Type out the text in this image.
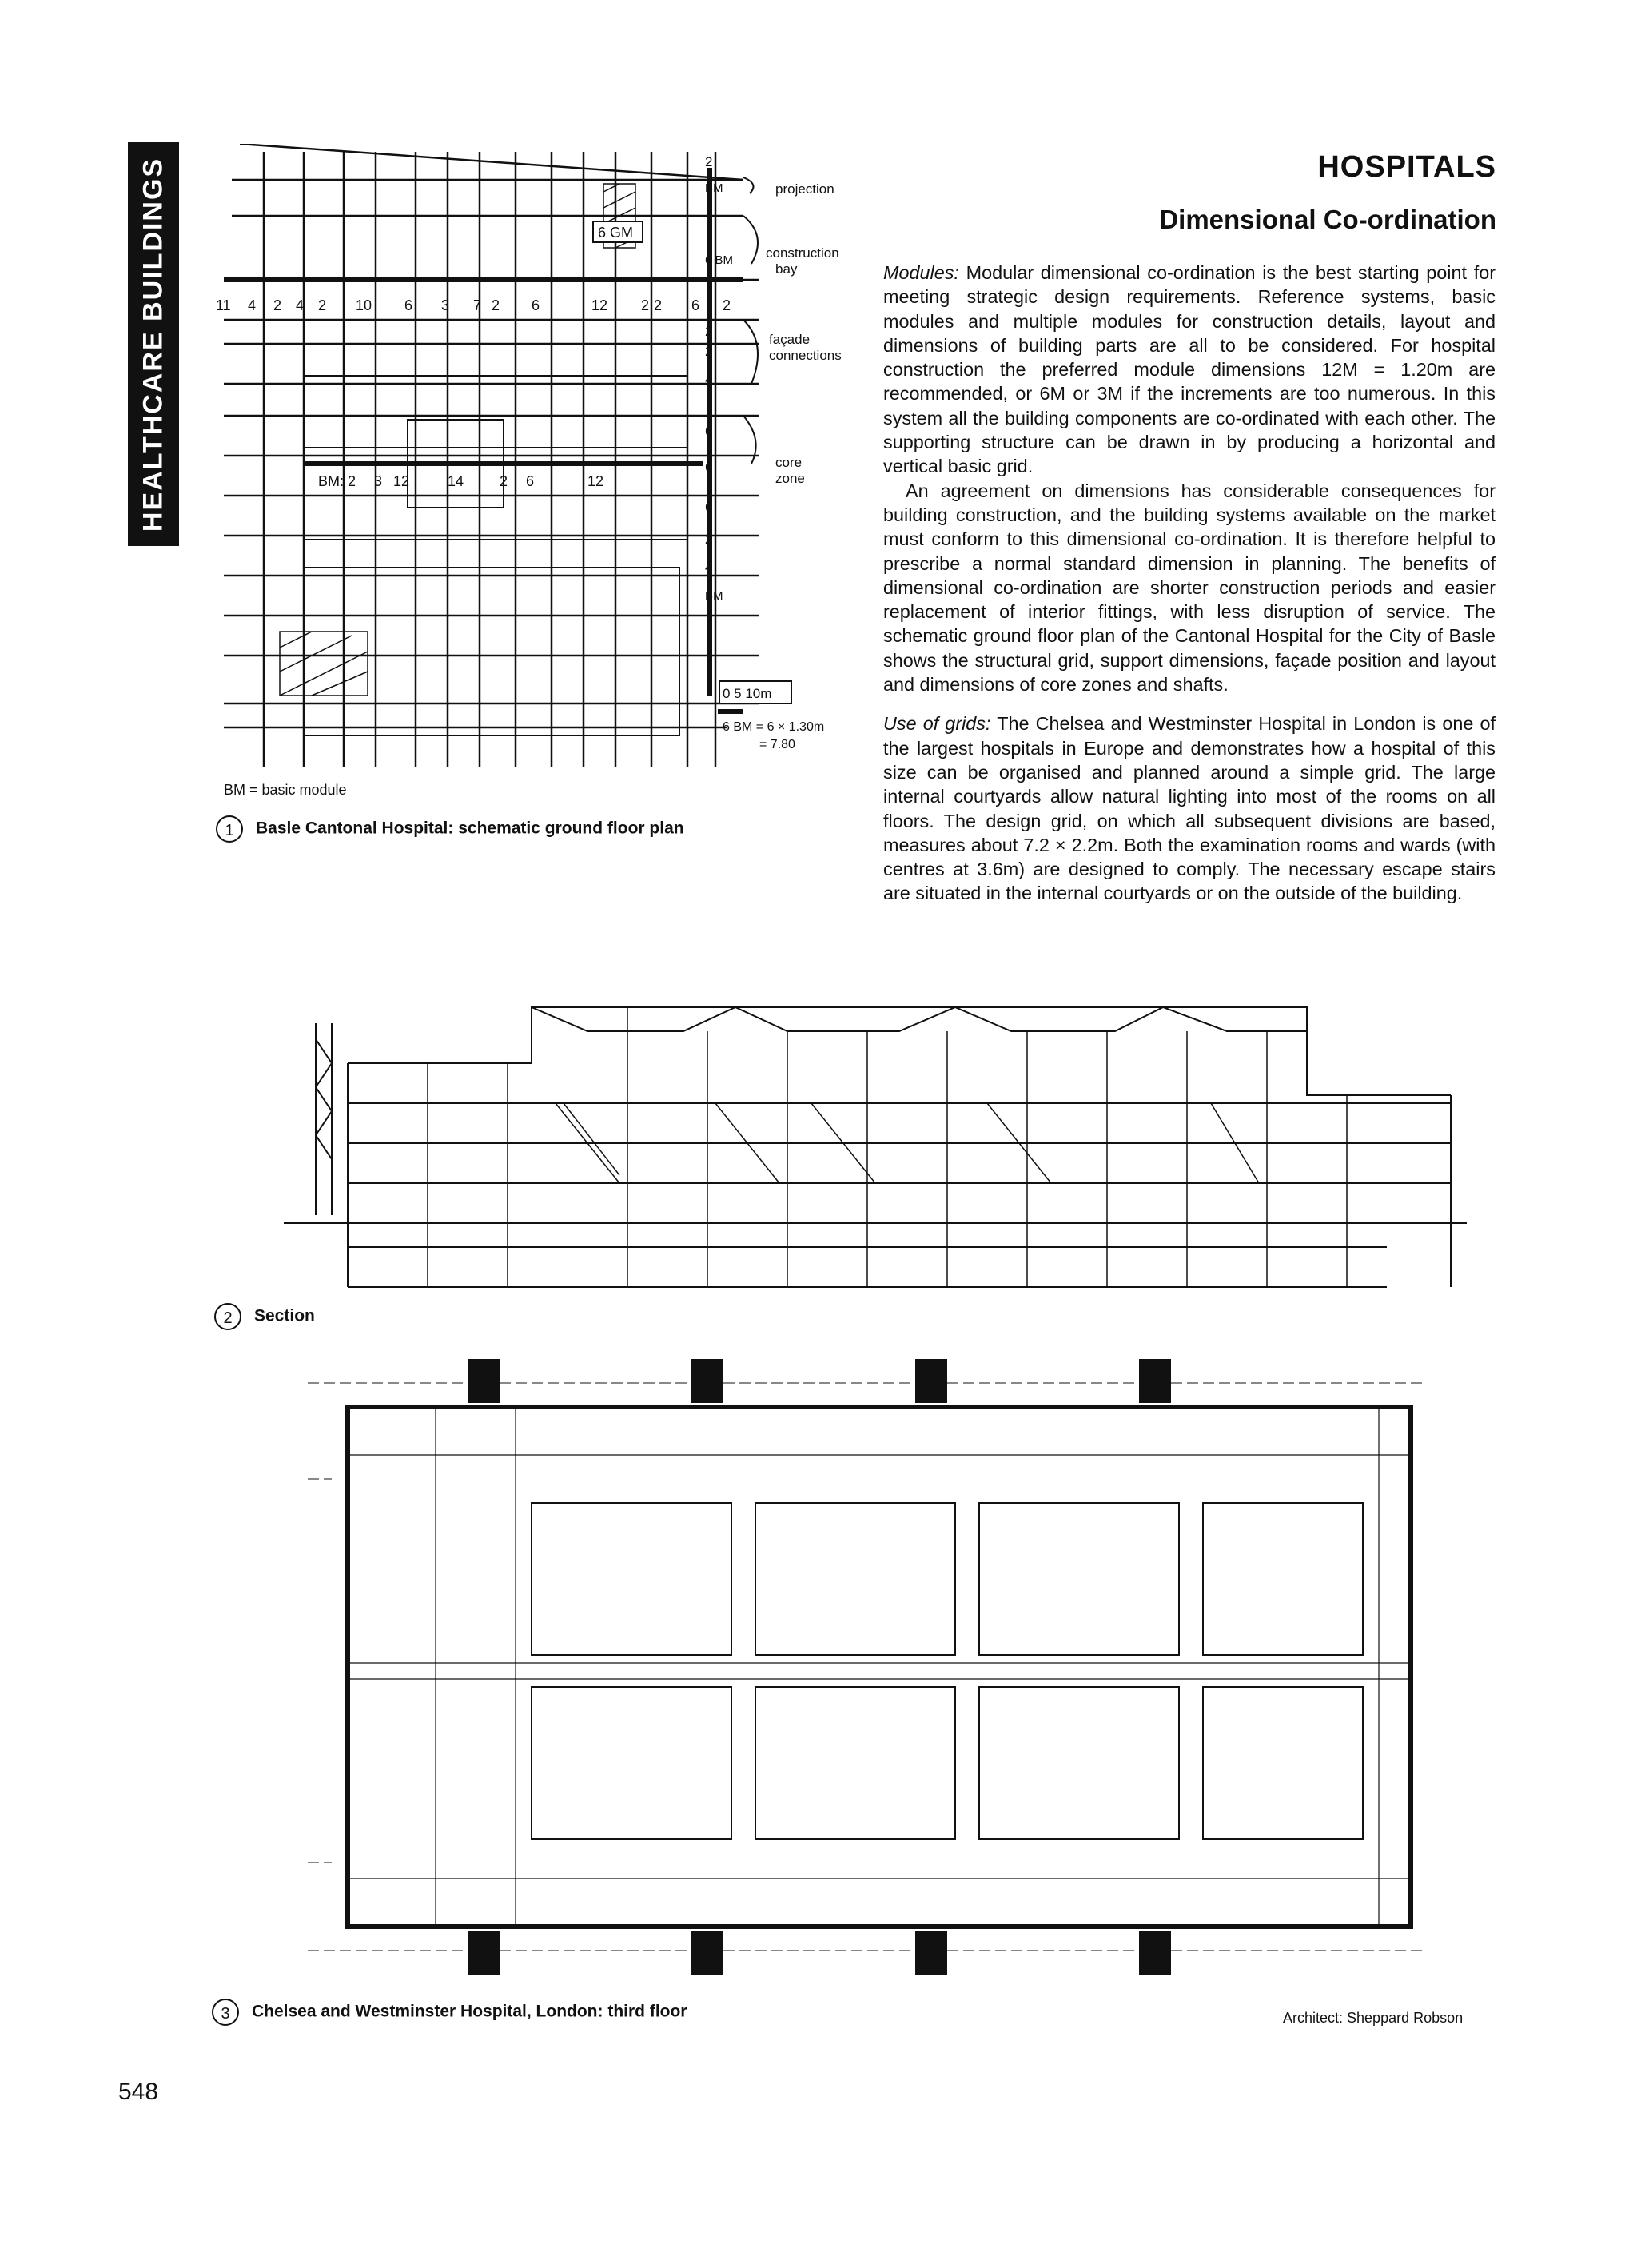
HEALTHCARE BUILDINGS	HOSPITALS
Dimensional Co-ordination

Modules: Modular dimensional co-ordination is the best starting point for meeting strategic design requirements. Reference systems, basic modules and multiple modules for construction details, layout and dimensions of building parts are all to be considered. For hospital construction the preferred module dimensions 12M = 1.20m are recommended, or 6M or 3M if the increments are too numerous. In this system all the building components are co-ordinated with each other. The supporting structure can be drawn in by producing a horizontal and vertical basic grid.

An agreement on dimensions has considerable consequences for building construction, and the building systems available on the market must conform to this dimensional co-ordination. It is therefore helpful to prescribe a normal standard dimension in planning. The benefits of dimensional co-ordination are shorter construction periods and easier replacement of interior fittings, with less disruption of service. The schematic ground floor plan of the Cantonal Hospital for the City of Basle shows the structural grid, support dimensions, façade position and layout and dimensions of core zones and shafts.

Use of grids: The Chelsea and Westminster Hospital in London is one of the largest hospitals in Europe and demonstrates how a hospital of this size can be organised and planned around a simple grid. The large internal courtyards allow natural lighting into most of the rooms on all floors. The design grid, on which all subsequent divisions are based, measures about 7.2 × 2.2m. Both the examination rooms and wards (with centres at 3.6m) are designed to comply. The necessary escape stairs are situated in the internal courtyards or on the outside of the building.

11 4 2 4 2 10 6 3 7 2 6	12 2 2 6 2
BM: 2 3 12	14 2 6	12
6 GM
2
BM
6 BM
2
2
4
6
6
6
2
4
BM
projection
construction
bay
façade
connections
core
zone
0 5 10m
6 BM = 6 × 1.30m
= 7.80
BM = basic module
1 Basle Cantonal Hospital: schematic ground floor plan
2 Section
3 Chelsea and Westminster Hospital, London: third floor	Architect: Sheppard Robson
548
